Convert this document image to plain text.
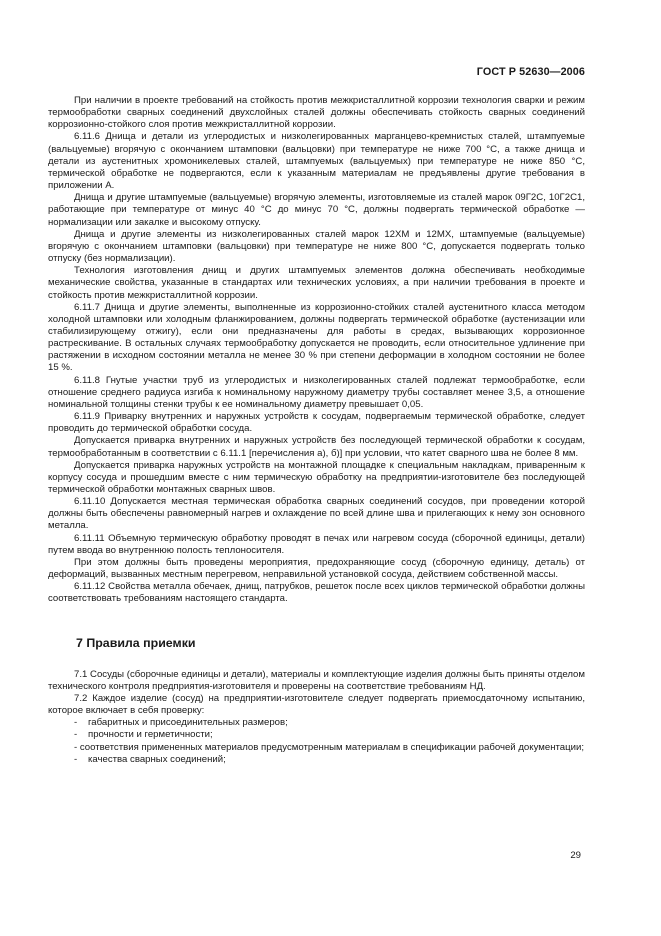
ГОСТ Р 52630—2006

При наличии в проекте требований на стойкость против межкристаллитной коррозии технология сварки и режим термообработки сварных соединений двухслойных сталей должны обеспечивать стойкость сварных соединений коррозионно-стойкого слоя против межкристаллитной коррозии.

6.11.6 Днища и детали из углеродистых и низколегированных марганцево-кремнистых сталей, штампуемые (вальцуемые) вгорячую с окончанием штамповки (вальцовки) при температуре не ниже 700 °С, а также днища и детали из аустенитных хромоникелевых сталей, штампуемых (вальцуемых) при температуре не ниже 850 °С, термической обработке не подвергаются, если к указанным материалам не предъявлены другие требования в приложении А.

Днища и другие штампуемые (вальцуемые) вгорячую элементы, изготовляемые из сталей марок 09Г2С, 10Г2С1, работающие при температуре от минус 40 °С до минус 70 °С, должны подвергать термической обработке — нормализации или закалке и высокому отпуску.

Днища и другие элементы из низколегированных сталей марок 12ХМ и 12МХ, штампуемые (вальцуемые) вгорячую с окончанием штамповки (вальцовки) при температуре не ниже 800 °С, допускается подвергать только отпуску (без нормализации).

Технология изготовления днищ и других штампуемых элементов должна обеспечивать необходимые механические свойства, указанные в стандартах или технических условиях, а при наличии требования в проекте и стойкость против межкристаллитной коррозии.

6.11.7 Днища и другие элементы, выполненные из коррозионно-стойких сталей аустенитного класса методом холодной штамповки или холодным фланжированием, должны подвергать термической обработке (аустенизации или стабилизирующему отжигу), если они предназначены для работы в средах, вызывающих коррозионное растрескивание. В остальных случаях термообработку допускается не проводить, если относительное удлинение при растяжении в исходном состоянии металла не менее 30 % при степени деформации в холодном состоянии не более 15 %.

6.11.8 Гнутые участки труб из углеродистых и низколегированных сталей подлежат термообработке, если отношение среднего радиуса изгиба к номинальному наружному диаметру трубы составляет менее 3,5, а отношение номинальной толщины стенки трубы к ее номинальному диаметру превышает 0,05.

6.11.9 Приварку внутренних и наружных устройств к сосудам, подвергаемым термической обработке, следует проводить до термической обработки сосуда.

Допускается приварка внутренних и наружных устройств без последующей термической обработки к сосудам, термообработанным в соответствии с 6.11.1 [перечисления а), б)] при условии, что катет сварного шва не более 8 мм.

Допускается приварка наружных устройств на монтажной площадке к специальным накладкам, приваренным к корпусу сосуда и прошедшим вместе с ним термическую обработку на предприятии-изготовителе без последующей термической обработки монтажных сварных швов.

6.11.10 Допускается местная термическая обработка сварных соединений сосудов, при проведении которой должны быть обеспечены равномерный нагрев и охлаждение по всей длине шва и прилегающих к нему зон основного металла.

6.11.11 Объемную термическую обработку проводят в печах или нагревом сосуда (сборочной единицы, детали) путем ввода во внутреннюю полость теплоносителя.

При этом должны быть проведены мероприятия, предохраняющие сосуд (сборочную единицу, деталь) от деформаций, вызванных местным перегревом, неправильной установкой сосуда, действием собственной массы.

6.11.12 Свойства металла обечаек, днищ, патрубков, решеток после всех циклов термической обработки должны соответствовать требованиям настоящего стандарта.

7 Правила приемки

7.1 Сосуды (сборочные единицы и детали), материалы и комплектующие изделия должны быть приняты отделом технического контроля предприятия-изготовителя и проверены на соответствие требованиям НД.

7.2 Каждое изделие (сосуд) на предприятии-изготовителе следует подвергать приемосдаточному испытанию, которое включает в себя проверку:

- габаритных и присоединительных размеров;

- прочности и герметичности;

- соответствия примененных материалов предусмотренным материалам в спецификации рабочей документации;

- качества сварных соединений;

29
